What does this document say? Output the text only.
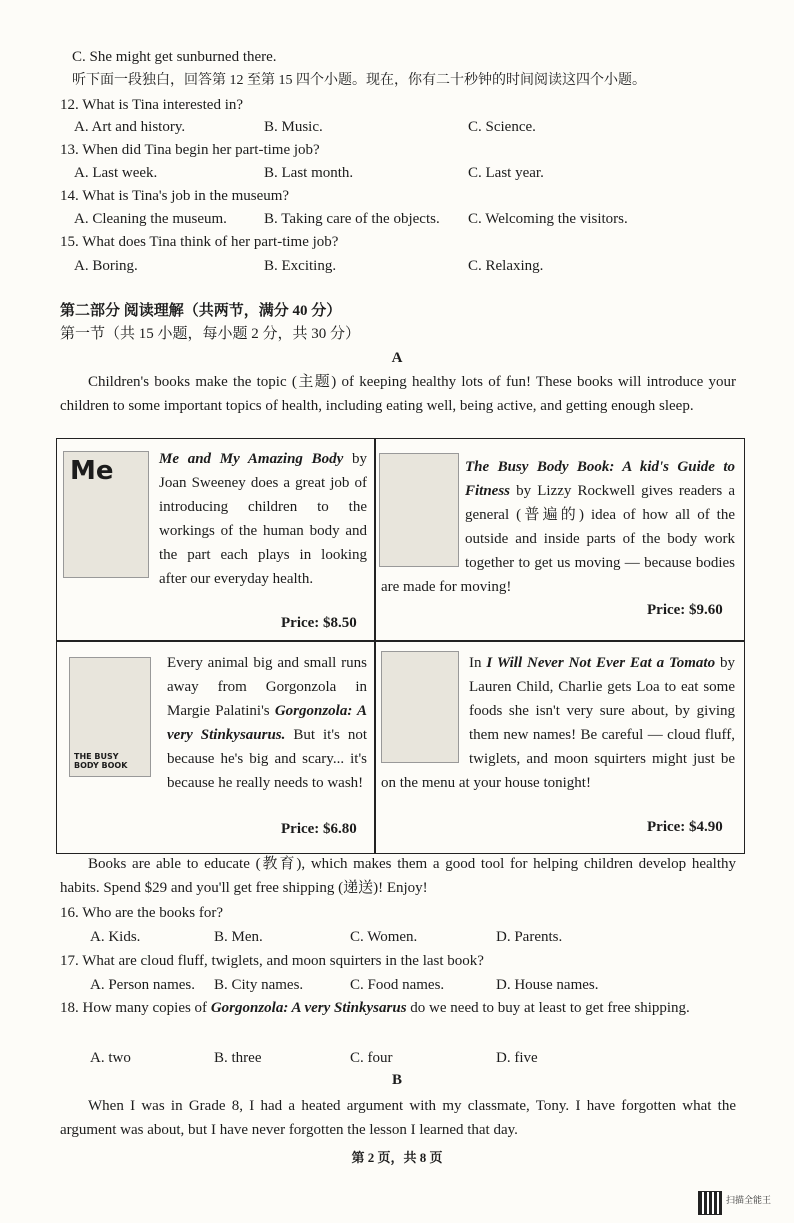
C. She might get sunburned there.
听下面一段独白，回答第 12 至第 15 四个小题。现在，你有二十秒钟的时间阅读这四个小题。
12. What is Tina interested in?
A. Art and history.	B. Music.	C. Science.
13. When did Tina begin her part-time job?
A. Last week.	B. Last month.	C. Last year.
14. What is Tina's job in the museum?
A. Cleaning the museum. B. Taking care of the objects. C. Welcoming the visitors.
15. What does Tina think of her part-time job?
A. Boring.	B. Exciting.	C. Relaxing.
第二部分 阅读理解（共两节，满分 40 分）
第一节（共 15 小题，每小题 2 分，共 30 分）
A

Children's books make the topic (主题) of keeping healthy lots of fun! These books will introduce your children to some important topics of health, including eating well, being active, and getting enough sleep.

Me	Me and My Amazing Body by Joan Sweeney does a great job of introducing children to the workings of the human body and the part each plays in looking after our everyday health.
Price: $8.50
The Busy Body Book: A kid's Guide to Fitness by Lizzy Rockwell gives readers a general (普遍的) idea of how all of the outside and inside parts of the body work together to get us moving — because bodies are made for moving!
Price: $9.60
THE BUSY BODY BOOK
Every animal big and small runs away from Gorgonzola in Margie Palatini's Gorgonzola: A very Stinkysaurus. But it's not because he's big and scary... it's because he really needs to wash!
Price: $6.80
In I Will Never Not Ever Eat a Tomato by Lauren Child, Charlie gets Loa to eat some foods she isn't very sure about, by giving them new names! Be careful — cloud fluff, twiglets, and moon squirters might just be on the menu at your house tonight!
Price: $4.90

Books are able to educate (教育), which makes them a good tool for helping children develop healthy habits. Spend $29 and you'll get free shipping (递送)! Enjoy!

16. Who are the books for?
A. Kids.	B. Men.	C. Women.	D. Parents.
17. What are cloud fluff, twiglets, and moon squirters in the last book?
A. Person names. B. City names.	C. Food names.	D. House names.
18. How many copies of Gorgonzola: A very Stinkysarus do we need to buy at least to get free shipping.
A. two	B. three	C. four	D. five
B

When I was in Grade 8, I had a heated argument with my classmate, Tony. I have forgotten what the argument was about, but I have never forgotten the lesson I learned that day.

第 2 页，共 8 页
扫描全能王
